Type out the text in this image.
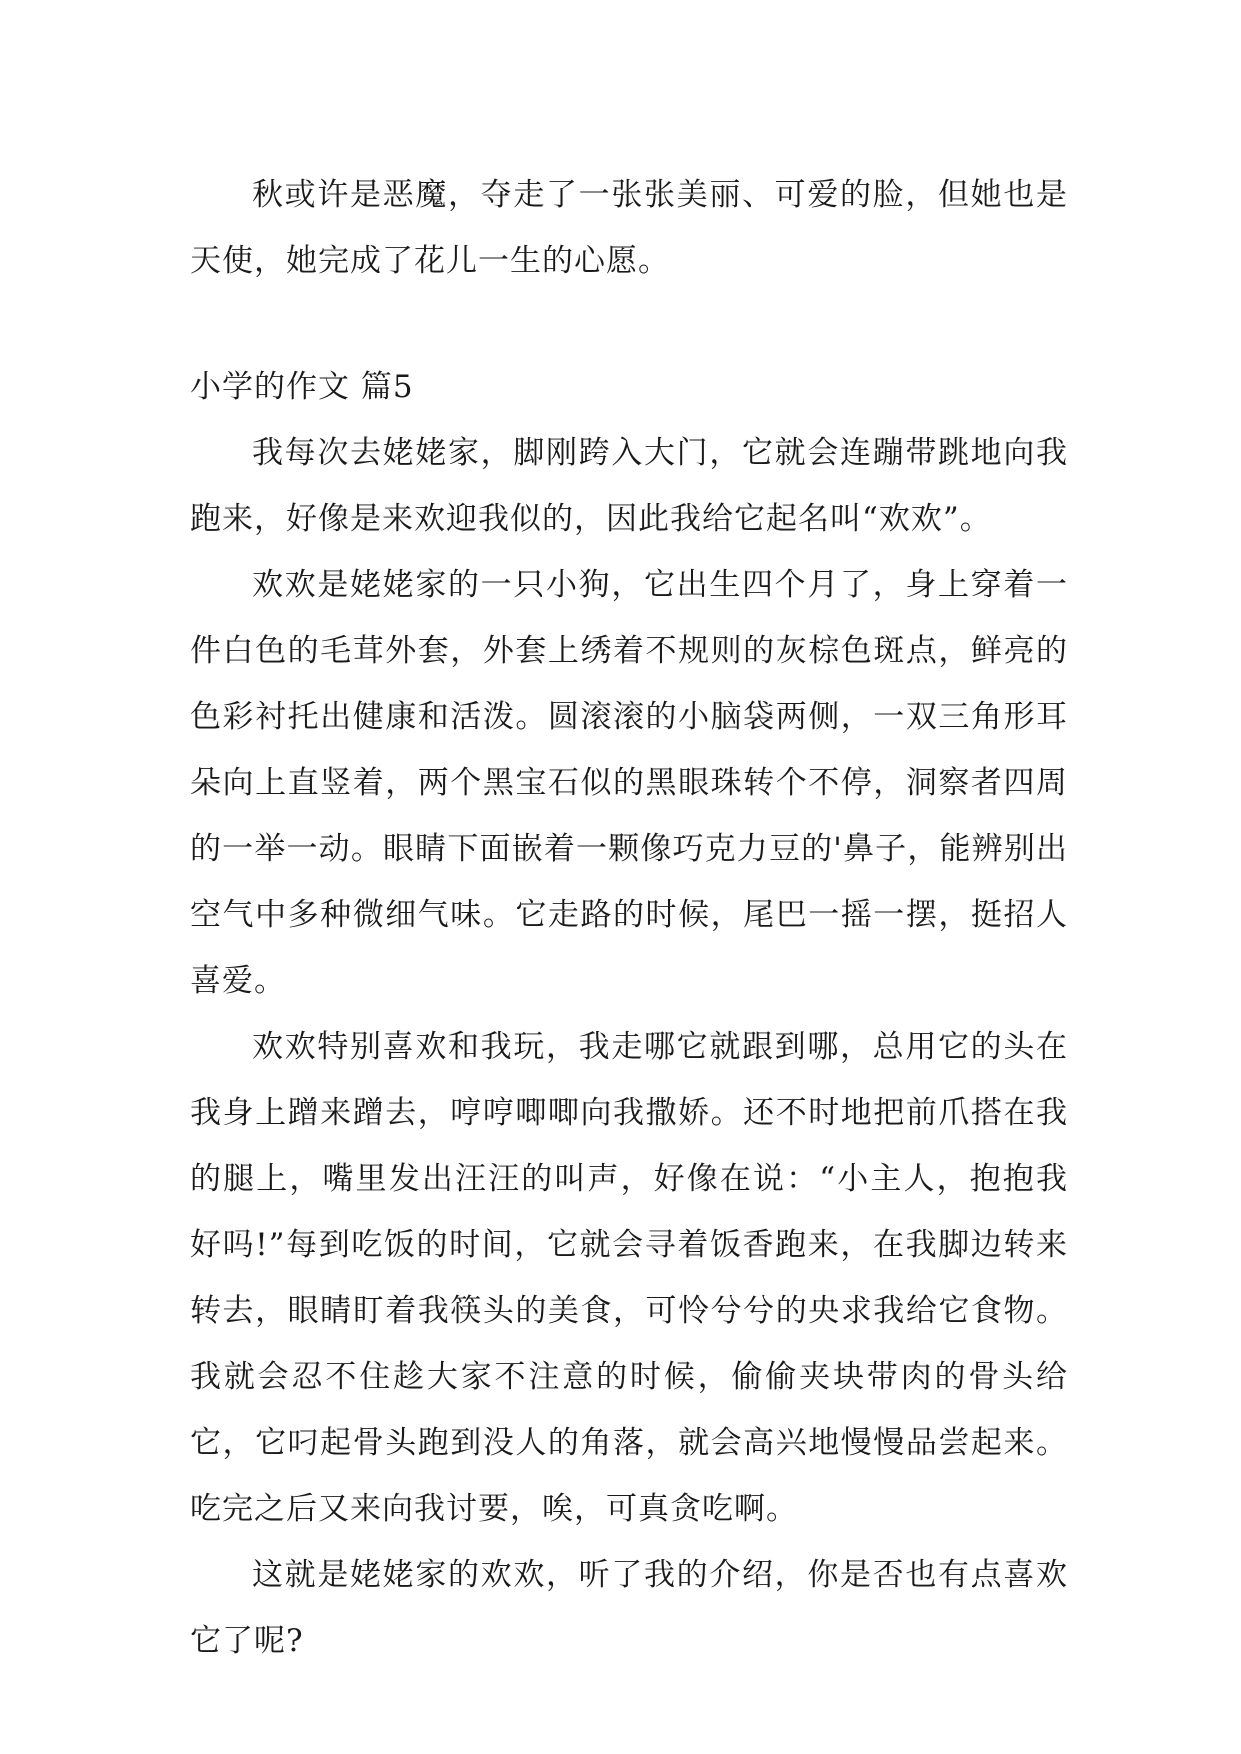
秋或许是恶魔，夺走了一张张美丽、可爱的脸，但她也是天使，她完成了花儿一生的心愿。

小学的作文 篇5

我每次去姥姥家，脚刚跨入大门，它就会连蹦带跳地向我跑来，好像是来欢迎我似的，因此我给它起名叫“欢欢”。

欢欢是姥姥家的一只小狗，它出生四个月了，身上穿着一件白色的毛茸外套，外套上绣着不规则的灰棕色斑点，鲜亮的色彩衬托出健康和活泼。圆滚滚的小脑袋两侧，一双三角形耳朵向上直竖着，两个黑宝石似的黑眼珠转个不停，洞察者四周的一举一动。眼睛下面嵌着一颗像巧克力豆的'鼻子，能辨别出空气中多种微细气味。它走路的时候，尾巴一摇一摆，挺招人喜爱。

欢欢特别喜欢和我玩，我走哪它就跟到哪，总用它的头在我身上蹭来蹭去，哼哼唧唧向我撒娇。还不时地把前爪搭在我的腿上，嘴里发出汪汪的叫声，好像在说：“小主人，抱抱我好吗!”每到吃饭的时间，它就会寻着饭香跑来，在我脚边转来转去，眼睛盯着我筷头的美食，可怜兮兮的央求我给它食物。我就会忍不住趁大家不注意的时候，偷偷夹块带肉的骨头给它，它叼起骨头跑到没人的角落，就会高兴地慢慢品尝起来。吃完之后又来向我讨要，唉，可真贪吃啊。

这就是姥姥家的欢欢，听了我的介绍，你是否也有点喜欢它了呢?
